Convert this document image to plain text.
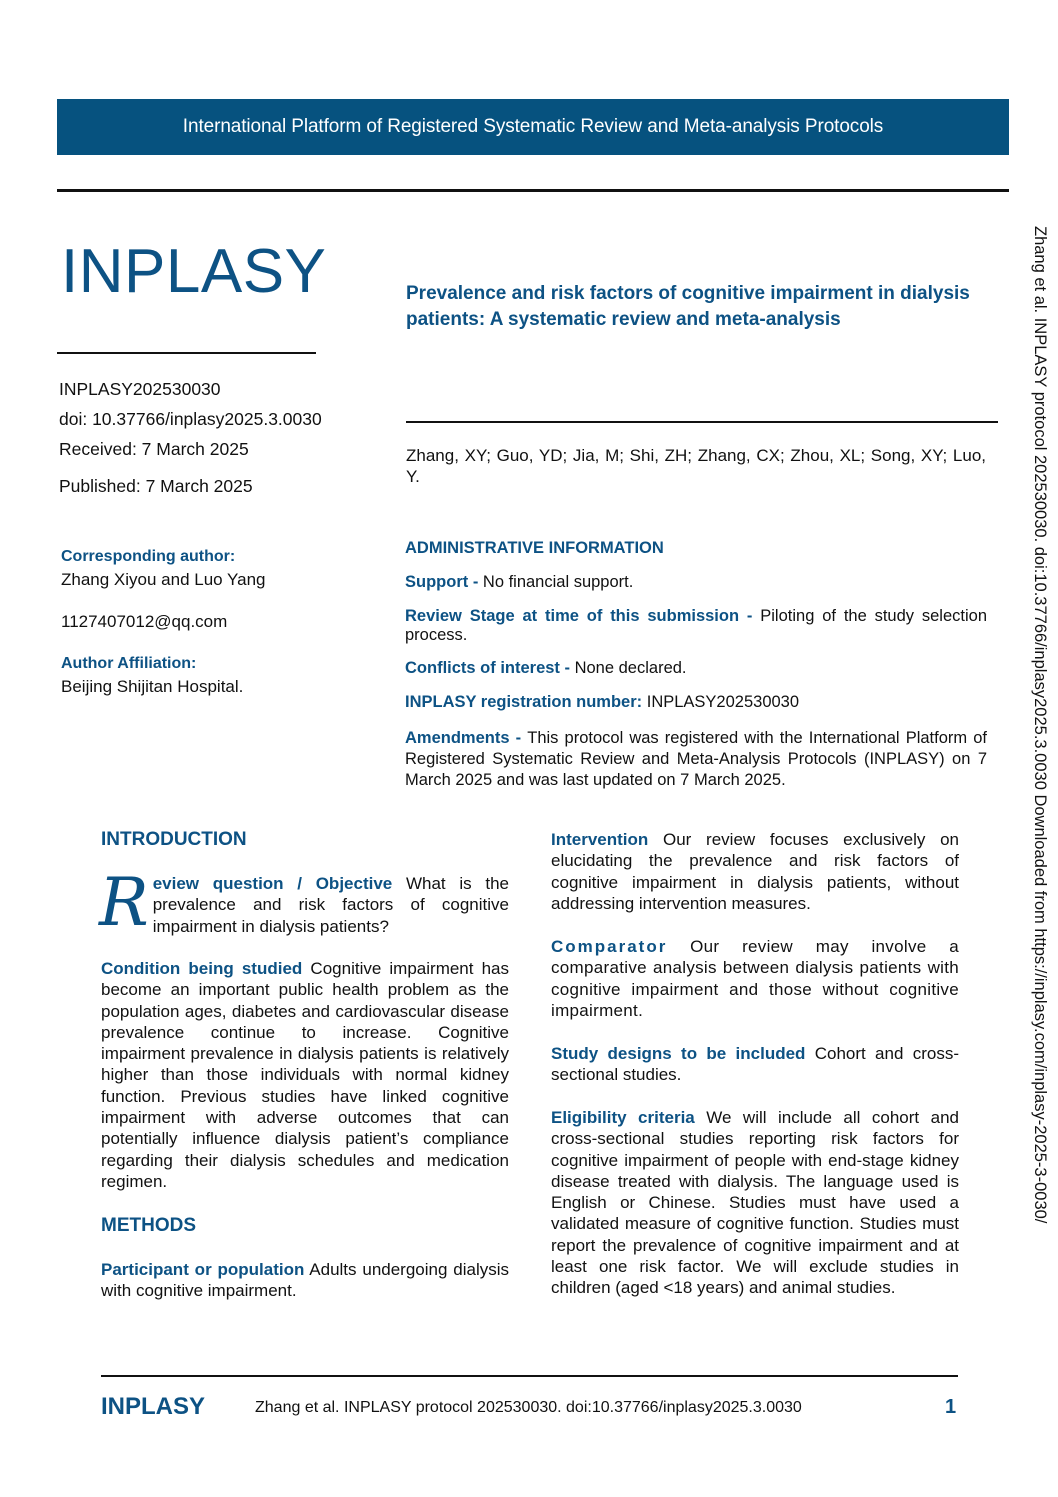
International Platform of Registered Systematic Review and Meta-analysis Protocols
INPLASY
INPLASY202530030
doi: 10.37766/inplasy2025.3.0030
Received: 7 March 2025
Published: 7 March 2025
Corresponding author:
Zhang Xiyou and Luo Yang
1127407012@qq.com
Author Affiliation:
Beijing Shijitan Hospital.
Prevalence and risk factors of cognitive impairment in dialysis patients: A systematic review and meta-analysis
Zhang, XY; Guo, YD; Jia, M; Shi, ZH; Zhang, CX; Zhou, XL; Song, XY; Luo, Y.
ADMINISTRATIVE INFORMATION
Support - No financial support.
Review Stage at time of this submission - Piloting of the study selection process.
Conflicts of interest - None declared.
INPLASY registration number: INPLASY202530030
Amendments - This protocol was registered with the International Platform of Registered Systematic Review and Meta-Analysis Protocols (INPLASY) on 7 March 2025 and was last updated on 7 March 2025.
INTRODUCTION
Review question / Objective What is the prevalence and risk factors of cognitive impairment in dialysis patients?
Condition being studied Cognitive impairment has become an important public health problem as the population ages, diabetes and cardiovascular disease prevalence continue to increase. Cognitive impairment prevalence in dialysis patients is relatively higher than those individuals with normal kidney function. Previous studies have linked cognitive impairment with adverse outcomes that can potentially influence dialysis patient’s compliance regarding their dialysis schedules and medication regimen.
METHODS
Participant or population Adults undergoing dialysis with cognitive impairment.
Intervention Our review focuses exclusively on elucidating the prevalence and risk factors of cognitive impairment in dialysis patients, without addressing intervention measures.
Comparator Our review may involve a comparative analysis between dialysis patients with cognitive impairment and those without cognitive impairment.
Study designs to be included Cohort and cross-sectional studies.
Eligibility criteria We will include all cohort and cross-sectional studies reporting risk factors for cognitive impairment of people with end-stage kidney disease treated with dialysis. The language used is English or Chinese. Studies must have used a validated measure of cognitive function. Studies must report the prevalence of cognitive impairment and at least one risk factor. We will exclude studies in children (aged <18 years) and animal studies.
Zhang et al. INPLASY protocol 202530030. doi:10.37766/inplasy2025.3.0030 Downloaded from https://inplasy.com/inplasy-2025-3-0030/
INPLASY	Zhang et al. INPLASY protocol 202530030. doi:10.37766/inplasy2025.3.0030	1
